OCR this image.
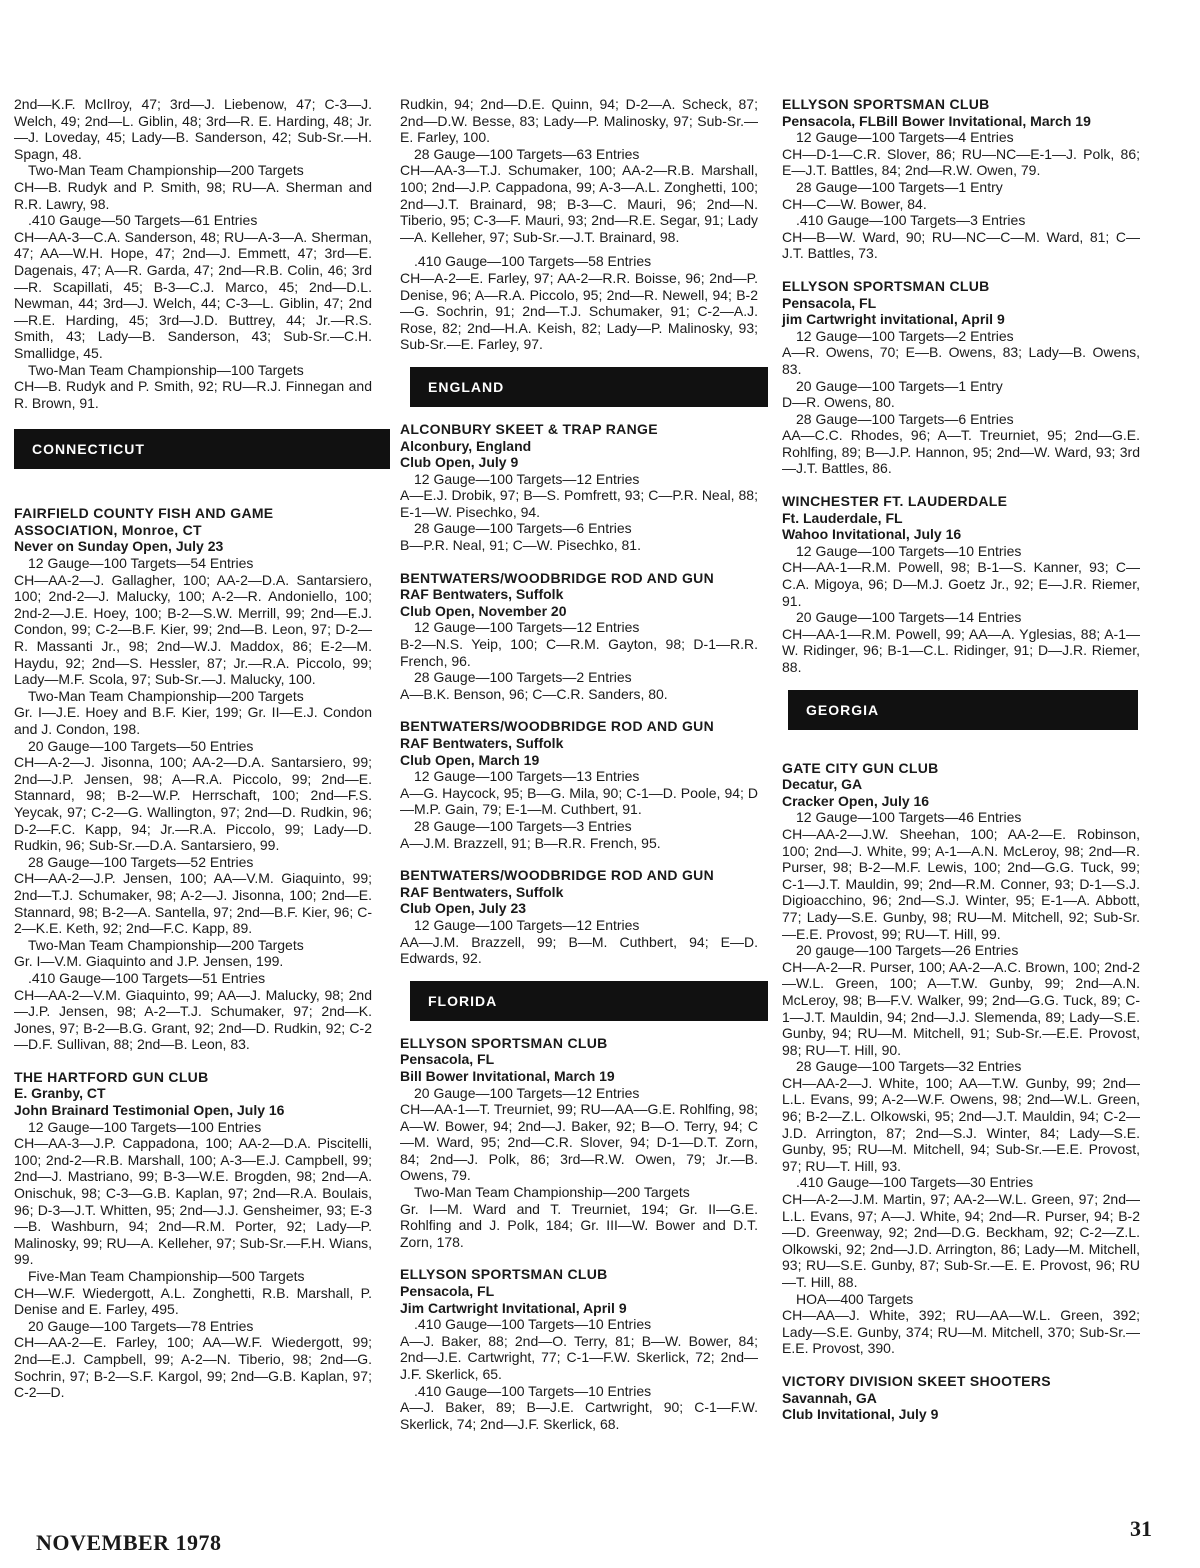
2nd—K.F. McIlroy, 47; 3rd—J. Liebenow, 47; C-3—J. Welch, 49; 2nd—L. Giblin, 48; 3rd—R. E. Harding, 48; Jr.—J. Loveday, 45; Lady—B. Sanderson, 42; Sub-Sr.—H. Spagn, 48.

Two-Man Team Championship—200 Targets

CH—B. Rudyk and P. Smith, 98; RU—A. Sherman and R.R. Lawry, 98.

.410 Gauge—50 Targets—61 Entries

CH—AA-3—C.A. Sanderson, 48; RU—A-3—A. Sherman, 47; AA—W.H. Hope, 47; 2nd—J. Emmett, 47; 3rd—E. Dagenais, 47; A—R. Garda, 47; 2nd—R.B. Colin, 46; 3rd—R. Scapillati, 45; B-3—C.J. Marco, 45; 2nd—D.L. Newman, 44; 3rd—J. Welch, 44; C-3—L. Giblin, 47; 2nd—R.E. Harding, 45; 3rd—J.D. Buttrey, 44; Jr.—R.S. Smith, 43; Lady—B. Sanderson, 43; Sub-Sr.—C.H. Smallidge, 45.

Two-Man Team Championship—100 Targets

CH—B. Rudyk and P. Smith, 92; RU—R.J. Finnegan and R. Brown, 91.

CONNECTICUT

FAIRFIELD COUNTY FISH AND GAME ASSOCIATION, Monroe, CT

Never on Sunday Open, July 23

12 Gauge—100 Targets—54 Entries

CH—AA-2—J. Gallagher, 100; AA-2—D.A. Santarsiero, 100; 2nd-2—J. Malucky, 100; A-2—R. Andoniello, 100; 2nd-2—J.E. Hoey, 100; B-2—S.W. Merrill, 99; 2nd—E.J. Condon, 99; C-2—B.F. Kier, 99; 2nd—B. Leon, 97; D-2—R. Massanti Jr., 98; 2nd—W.J. Maddox, 86; E-2—M. Haydu, 92; 2nd—S. Hessler, 87; Jr.—R.A. Piccolo, 99; Lady—M.F. Scola, 97; Sub-Sr.—J. Malucky, 100.

Two-Man Team Championship—200 Targets

Gr. I—J.E. Hoey and B.F. Kier, 199; Gr. II—E.J. Condon and J. Condon, 198.

20 Gauge—100 Targets—50 Entries

CH—A-2—J. Jisonna, 100; AA-2—D.A. Santarsiero, 99; 2nd—J.P. Jensen, 98; A—R.A. Piccolo, 99; 2nd—E. Stannard, 98; B-2—W.P. Herrschaft, 100; 2nd—F.S. Yeycak, 97; C-2—G. Wallington, 97; 2nd—D. Rudkin, 96; D-2—F.C. Kapp, 94; Jr.—R.A. Piccolo, 99; Lady—D. Rudkin, 96; Sub-Sr.—D.A. Santarsiero, 99.

28 Gauge—100 Targets—52 Entries

CH—AA-2—J.P. Jensen, 100; AA—V.M. Giaquinto, 99; 2nd—T.J. Schumaker, 98; A-2—J. Jisonna, 100; 2nd—E. Stannard, 98; B-2—A. Santella, 97; 2nd—B.F. Kier, 96; C-2—K.E. Keth, 92; 2nd—F.C. Kapp, 89.

Two-Man Team Championship—200 Targets

Gr. I—V.M. Giaquinto and J.P. Jensen, 199.

.410 Gauge—100 Targets—51 Entries

CH—AA-2—V.M. Giaquinto, 99; AA—J. Malucky, 98; 2nd—J.P. Jensen, 98; A-2—T.J. Schumaker, 97; 2nd—K. Jones, 97; B-2—B.G. Grant, 92; 2nd—D. Rudkin, 92; C-2—D.F. Sullivan, 88; 2nd—B. Leon, 83.

THE HARTFORD GUN CLUB

E. Granby, CT

John Brainard Testimonial Open, July 16

12 Gauge—100 Targets—100 Entries

CH—AA-3—J.P. Cappadona, 100; AA-2—D.A. Piscitelli, 100; 2nd-2—R.B. Marshall, 100; A-3—E.J. Campbell, 99; 2nd—J. Mastriano, 99; B-3—W.E. Brogden, 98; 2nd—A. Onischuk, 98; C-3—G.B. Kaplan, 97; 2nd—R.A. Boulais, 96; D-3—J.T. Whitten, 95; 2nd—J.J. Gensheimer, 93; E-3—B. Washburn, 94; 2nd—R.M. Porter, 92; Lady—P. Malinosky, 99; RU—A. Kelleher, 97; Sub-Sr.—F.H. Wians, 99.

Five-Man Team Championship—500 Targets

CH—W.F. Wiedergott, A.L. Zonghetti, R.B. Marshall, P. Denise and E. Farley, 495.

20 Gauge—100 Targets—78 Entries

CH—AA-2—E. Farley, 100; AA—W.F. Wiedergott, 99; 2nd—E.J. Campbell, 99; A-2—N. Tiberio, 98; 2nd—G. Sochrin, 97; B-2—S.F. Kargol, 99; 2nd—G.B. Kaplan, 97; C-2—D.

Rudkin, 94; 2nd—D.E. Quinn, 94; D-2—A. Scheck, 87; 2nd—D.W. Besse, 83; Lady—P. Malinosky, 97; Sub-Sr.—E. Farley, 100.

28 Gauge—100 Targets—63 Entries

CH—AA-3—T.J. Schumaker, 100; AA-2—R.B. Marshall, 100; 2nd—J.P. Cappadona, 99; A-3—A.L. Zonghetti, 100; 2nd—J.T. Brainard, 98; B-3—C. Mauri, 96; 2nd—N. Tiberio, 95; C-3—F. Mauri, 93; 2nd—R.E. Segar, 91; Lady—A. Kelleher, 97; Sub-Sr.—J.T. Brainard, 98.

.410 Gauge—100 Targets—58 Entries

CH—A-2—E. Farley, 97; AA-2—R.R. Boisse, 96; 2nd—P. Denise, 96; A—R.A. Piccolo, 95; 2nd—R. Newell, 94; B-2—G. Sochrin, 91; 2nd—T.J. Schumaker, 91; C-2—A.J. Rose, 82; 2nd—H.A. Keish, 82; Lady—P. Malinosky, 93; Sub-Sr.—E. Farley, 97.

ENGLAND

ALCONBURY SKEET & TRAP RANGE

Alconbury, England

Club Open, July 9

12 Gauge—100 Targets—12 Entries

A—E.J. Drobik, 97; B—S. Pomfrett, 93; C—P.R. Neal, 88; E-1—W. Pisechko, 94.

28 Gauge—100 Targets—6 Entries

B—P.R. Neal, 91; C—W. Pisechko, 81.

BENTWATERS/WOODBRIDGE ROD AND GUN

RAF Bentwaters, Suffolk

Club Open, November 20

12 Gauge—100 Targets—12 Entries

B-2—N.S. Yeip, 100; C—R.M. Gayton, 98; D-1—R.R. French, 96.

28 Gauge—100 Targets—2 Entries

A—B.K. Benson, 96; C—C.R. Sanders, 80.

BENTWATERS/WOODBRIDGE ROD AND GUN

RAF Bentwaters, Suffolk

Club Open, March 19

12 Gauge—100 Targets—13 Entries

A—G. Haycock, 95; B—G. Mila, 90; C-1—D. Poole, 94; D—M.P. Gain, 79; E-1—M. Cuthbert, 91.

28 Gauge—100 Targets—3 Entries

A—J.M. Brazzell, 91; B—R.R. French, 95.

BENTWATERS/WOODBRIDGE ROD AND GUN

RAF Bentwaters, Suffolk

Club Open, July 23

12 Gauge—100 Targets—12 Entries

AA—J.M. Brazzell, 99; B—M. Cuthbert, 94; E—D. Edwards, 92.

FLORIDA

ELLYSON SPORTSMAN CLUB

Pensacola, FL

Bill Bower Invitational, March 19

20 Gauge—100 Targets—12 Entries

CH—AA-1—T. Treurniet, 99; RU—AA—G.E. Rohlfing, 98; A—W. Bower, 94; 2nd—J. Baker, 92; B—O. Terry, 94; C—M. Ward, 95; 2nd—C.R. Slover, 94; D-1—D.T. Zorn, 84; 2nd—J. Polk, 86; 3rd—R.W. Owen, 79; Jr.—B. Owens, 79.

Two-Man Team Championship—200 Targets

Gr. I—M. Ward and T. Treurniet, 194; Gr. II—G.E. Rohlfing and J. Polk, 184; Gr. III—W. Bower and D.T. Zorn, 178.

ELLYSON SPORTSMAN CLUB

Pensacola, FL

Jim Cartwright Invitational, April 9

.410 Gauge—100 Targets—10 Entries

A—J. Baker, 88; 2nd—O. Terry, 81; B—W. Bower, 84; 2nd—J.E. Cartwright, 77; C-1—F.W. Skerlick, 72; 2nd—J.F. Skerlick, 65.

.410 Gauge—100 Targets—10 Entries

A—J. Baker, 89; B—J.E. Cartwright, 90; C-1—F.W. Skerlick, 74; 2nd—J.F. Skerlick, 68.

ELLYSON SPORTSMAN CLUB

Pensacola, FLBill Bower Invitational, March 19

12 Gauge—100 Targets—4 Entries

CH—D-1—C.R. Slover, 86; RU—NC—E-1—J. Polk, 86; E—J.T. Battles, 84; 2nd—R.W. Owen, 79.

28 Gauge—100 Targets—1 Entry

CH—C—W. Bower, 84.

.410 Gauge—100 Targets—3 Entries

CH—B—W. Ward, 90; RU—NC—C—M. Ward, 81; C—J.T. Battles, 73.

ELLYSON SPORTSMAN CLUB

Pensacola, FL

jim Cartwright invitational, April 9

12 Gauge—100 Targets—2 Entries

A—R. Owens, 70; E—B. Owens, 83; Lady—B. Owens, 83.

20 Gauge—100 Targets—1 Entry

D—R. Owens, 80.

28 Gauge—100 Targets—6 Entries

AA—C.C. Rhodes, 96; A—T. Treurniet, 95; 2nd—G.E. Rohlfing, 89; B—J.P. Hannon, 95; 2nd—W. Ward, 93; 3rd—J.T. Battles, 86.

WINCHESTER FT. LAUDERDALE

Ft. Lauderdale, FL

Wahoo Invitational, July 16

12 Gauge—100 Targets—10 Entries

CH—AA-1—R.M. Powell, 98; B-1—S. Kanner, 93; C—C.A. Migoya, 96; D—M.J. Goetz Jr., 92; E—J.R. Riemer, 91.

20 Gauge—100 Targets—14 Entries

CH—AA-1—R.M. Powell, 99; AA—A. Yglesias, 88; A-1—W. Ridinger, 96; B-1—C.L. Ridinger, 91; D—J.R. Riemer, 88.

GEORGIA

GATE CITY GUN CLUB

Decatur, GA

Cracker Open, July 16

12 Gauge—100 Targets—46 Entries

CH—AA-2—J.W. Sheehan, 100; AA-2—E. Robinson, 100; 2nd—J. White, 99; A-1—A.N. McLeroy, 98; 2nd—R. Purser, 98; B-2—M.F. Lewis, 100; 2nd—G.G. Tuck, 99; C-1—J.T. Mauldin, 99; 2nd—R.M. Conner, 93; D-1—S.J. Digioacchino, 96; 2nd—S.J. Winter, 95; E-1—A. Abbott, 77; Lady—S.E. Gunby, 98; RU—M. Mitchell, 92; Sub-Sr.—E.E. Provost, 99; RU—T. Hill, 99.

20 gauge—100 Targets—26 Entries

CH—A-2—R. Purser, 100; AA-2—A.C. Brown, 100; 2nd-2—W.L. Green, 100; A—T.W. Gunby, 99; 2nd—A.N. McLeroy, 98; B—F.V. Walker, 99; 2nd—G.G. Tuck, 89; C-1—J.T. Mauldin, 94; 2nd—J.J. Slemenda, 89; Lady—S.E. Gunby, 94; RU—M. Mitchell, 91; Sub-Sr.—E.E. Provost, 98; RU—T. Hill, 90.

28 Gauge—100 Targets—32 Entries

CH—AA-2—J. White, 100; AA—T.W. Gunby, 99; 2nd—L.L. Evans, 99; A-2—W.F. Owens, 98; 2nd—W.L. Green, 96; B-2—Z.L. Olkowski, 95; 2nd—J.T. Mauldin, 94; C-2—J.D. Arrington, 87; 2nd—S.J. Winter, 84; Lady—S.E. Gunby, 95; RU—M. Mitchell, 94; Sub-Sr.—E.E. Provost, 97; RU—T. Hill, 93.

.410 Gauge—100 Targets—30 Entries

CH—A-2—J.M. Martin, 97; AA-2—W.L. Green, 97; 2nd—L.L. Evans, 97; A—J. White, 94; 2nd—R. Purser, 94; B-2—D. Greenway, 92; 2nd—D.G. Beckham, 92; C-2—Z.L. Olkowski, 92; 2nd—J.D. Arrington, 86; Lady—M. Mitchell, 93; RU—S.E. Gunby, 87; Sub-Sr.—E. E. Provost, 96; RU—T. Hill, 88.

HOA—400 Targets

CH—AA—J. White, 392; RU—AA—W.L. Green, 392; Lady—S.E. Gunby, 374; RU—M. Mitchell, 370; Sub-Sr.—E.E. Provost, 390.

VICTORY DIVISION SKEET SHOOTERS

Savannah, GA

Club Invitational, July 9

NOVEMBER 1978
31
